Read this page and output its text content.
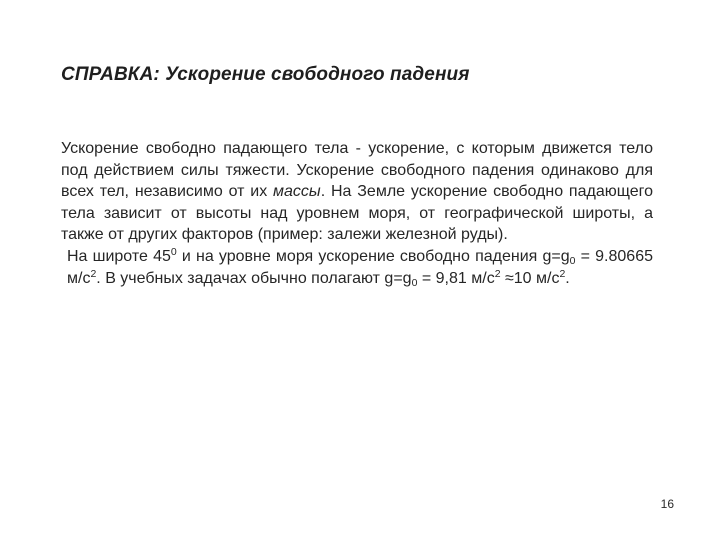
СПРАВКА: Ускорение свободного падения

Ускорение свободно падающего тела - ускорение, с которым движется тело под действием силы тяжести. Ускорение свободного падения одинаково для всех тел, независимо от их массы. На Земле ускорение свободно падающего тела зависит от высоты над уровнем моря, от географической широты, а также от других факторов (пример: залежи железной руды).

На широте $45^0$ и на уровне моря ускорение свободно падения $g=g_0 = 9.80665$ $м/с^2$. В учебных задачах обычно полагают $g=g_0 = 9,81$ $м/с^2 \approx 10$ $м/с^2$.

16
